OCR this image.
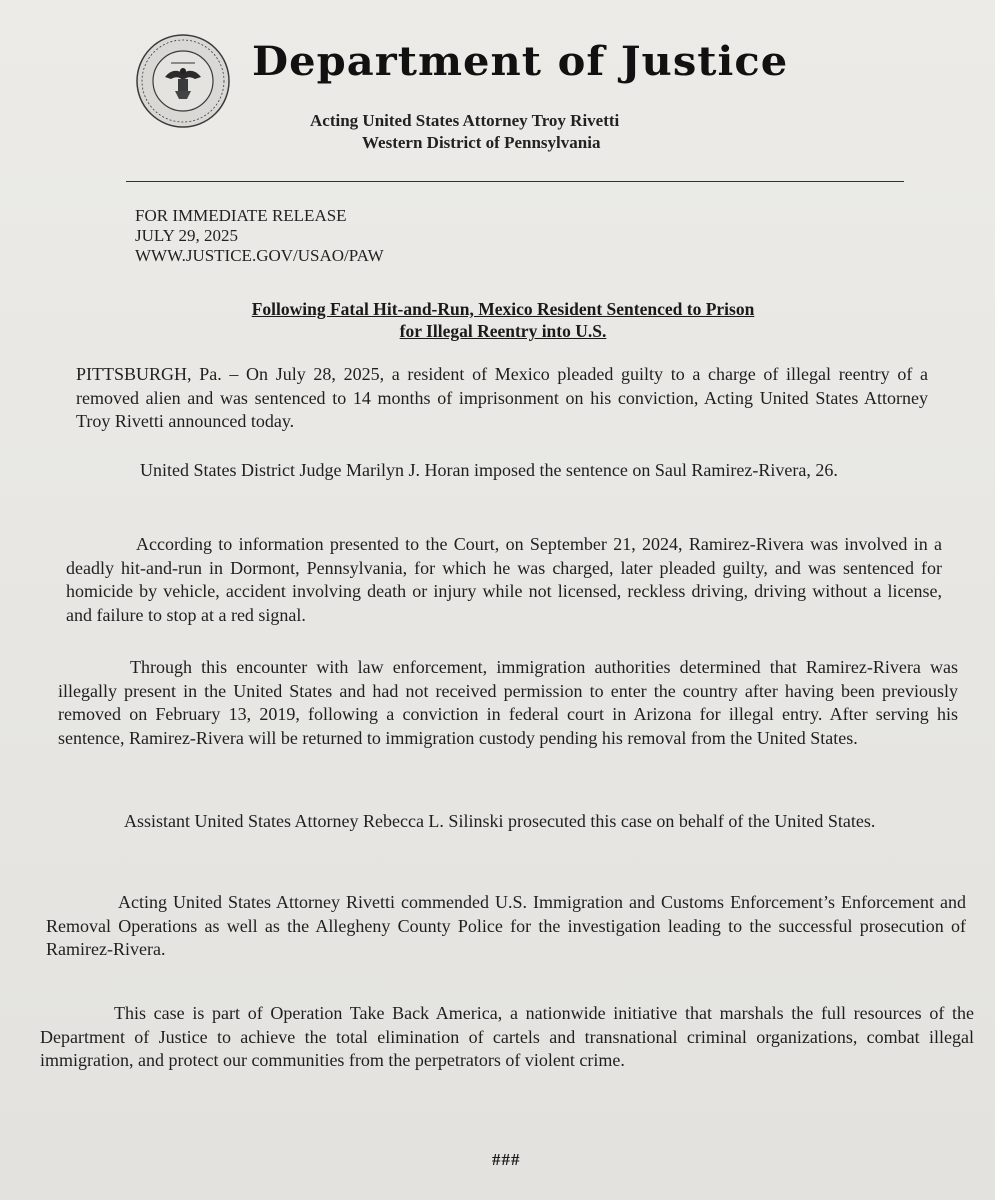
Department of Justice
Acting United States Attorney Troy Rivetti
Western District of Pennsylvania
FOR IMMEDIATE RELEASE
JULY 29, 2025
WWW.JUSTICE.GOV/USAO/PAW
Following Fatal Hit-and-Run, Mexico Resident Sentenced to Prison
for Illegal Reentry into U.S.

PITTSBURGH, Pa. – On July 28, 2025, a resident of Mexico pleaded guilty to a charge of illegal reentry of a removed alien and was sentenced to 14 months of imprisonment on his conviction, Acting United States Attorney Troy Rivetti announced today.

United States District Judge Marilyn J. Horan imposed the sentence on Saul Ramirez-Rivera, 26.

According to information presented to the Court, on September 21, 2024, Ramirez-Rivera was involved in a deadly hit-and-run in Dormont, Pennsylvania, for which he was charged, later pleaded guilty, and was sentenced for homicide by vehicle, accident involving death or injury while not licensed, reckless driving, driving without a license, and failure to stop at a red signal.

Through this encounter with law enforcement, immigration authorities determined that Ramirez-Rivera was illegally present in the United States and had not received permission to enter the country after having been previously removed on February 13, 2019, following a conviction in federal court in Arizona for illegal entry. After serving his sentence, Ramirez-Rivera will be returned to immigration custody pending his removal from the United States.

Assistant United States Attorney Rebecca L. Silinski prosecuted this case on behalf of the United States.

Acting United States Attorney Rivetti commended U.S. Immigration and Customs Enforcement’s Enforcement and Removal Operations as well as the Allegheny County Police for the investigation leading to the successful prosecution of Ramirez-Rivera.

This case is part of Operation Take Back America, a nationwide initiative that marshals the full resources of the Department of Justice to achieve the total elimination of cartels and transnational criminal organizations, combat illegal immigration, and protect our communities from the perpetrators of violent crime.

###
